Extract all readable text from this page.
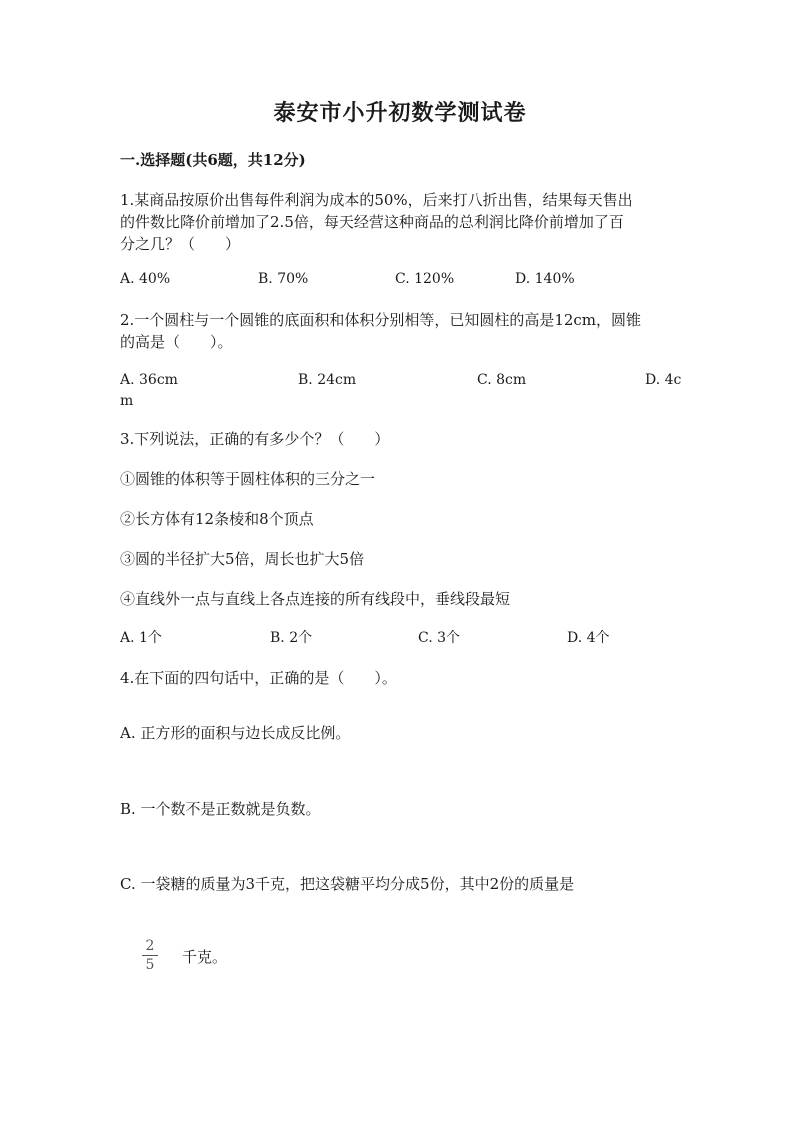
泰安市小升初数学测试卷
一.选择题(共6题，共12分)
1.某商品按原价出售每件利润为成本的50%，后来打八折出售，结果每天售出
的件数比降价前增加了2.5倍，每天经营这种商品的总利润比降价前增加了百
分之几？（　　）
A. 40%	B. 70%	C. 120%	D. 140%
2.一个圆柱与一个圆锥的底面积和体积分别相等，已知圆柱的高是12cm，圆锥
的高是（　　）。
A. 36cm	B. 24cm	C. 8cm	D. 4c
m
3.下列说法，正确的有多少个？（　　）
①圆锥的体积等于圆柱体积的三分之一
②长方体有12条棱和8个顶点
③圆的半径扩大5倍，周长也扩大5倍
④直线外一点与直线上各点连接的所有线段中，垂线段最短
A. 1个	B. 2个	C. 3个	D. 4个
4.在下面的四句话中，正确的是（　　）。
A. 正方形的面积与边长成反比例。
B. 一个数不是正数就是负数。
C. 一袋糖的质量为3千克，把这袋糖平均分成5份，其中2份的质量是
2
5	千克。
